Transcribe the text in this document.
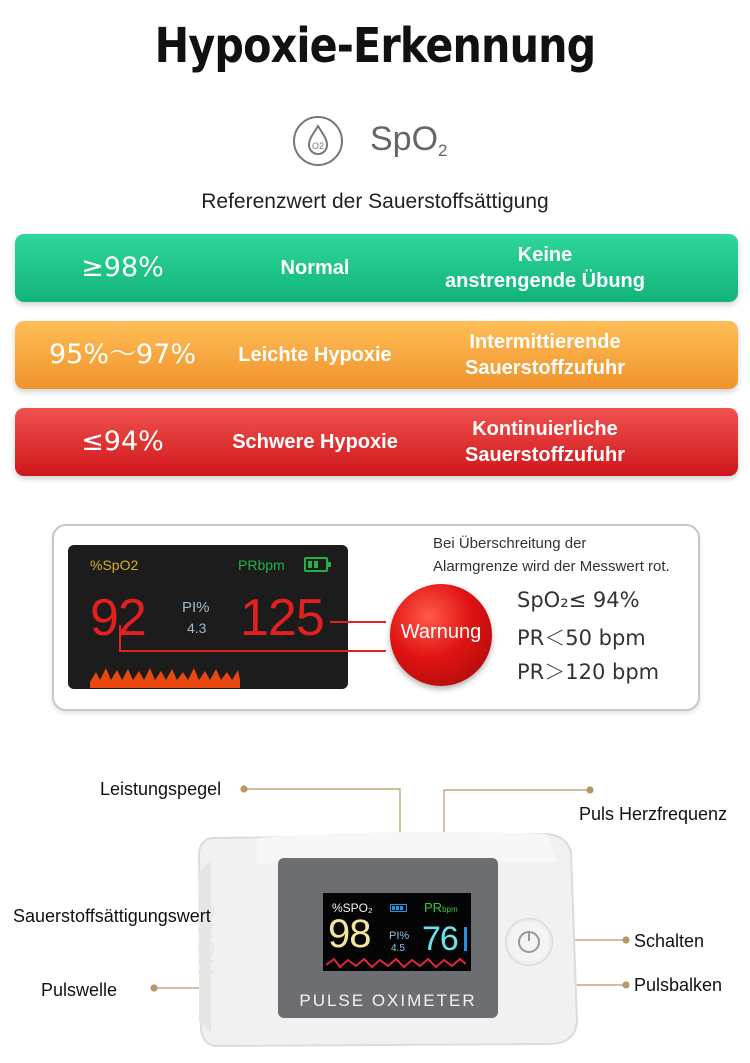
Hypoxie-Erkennung
O2 SpO$_2$
Referenzwert der Sauerstoffsättigung
≥98%	Normal
Keine
anstrengende Übung
95%～97%	Leichte Hypoxie
Intermittierende
Sauerstoffzufuhr
≤94%	Schwere Hypoxie
Kontinuierliche
Sauerstoffzufuhr
%SpO2	PRbpm
92 PI%
4.3 125	Warnung
Bei Überschreitung der
Alarmgrenze wird der Messwert rot.
SpO₂≤ 94%
PR＜50 bpm
PR＞120 bpm
PUSH	%SPO₂	PRbpm
98 PI%
4.5 76
PULSE OXIMETER
Leistungspegel
Puls Herzfrequenz
Sauerstoffsättigungswert
Pulswelle
Schalten
Pulsbalken
